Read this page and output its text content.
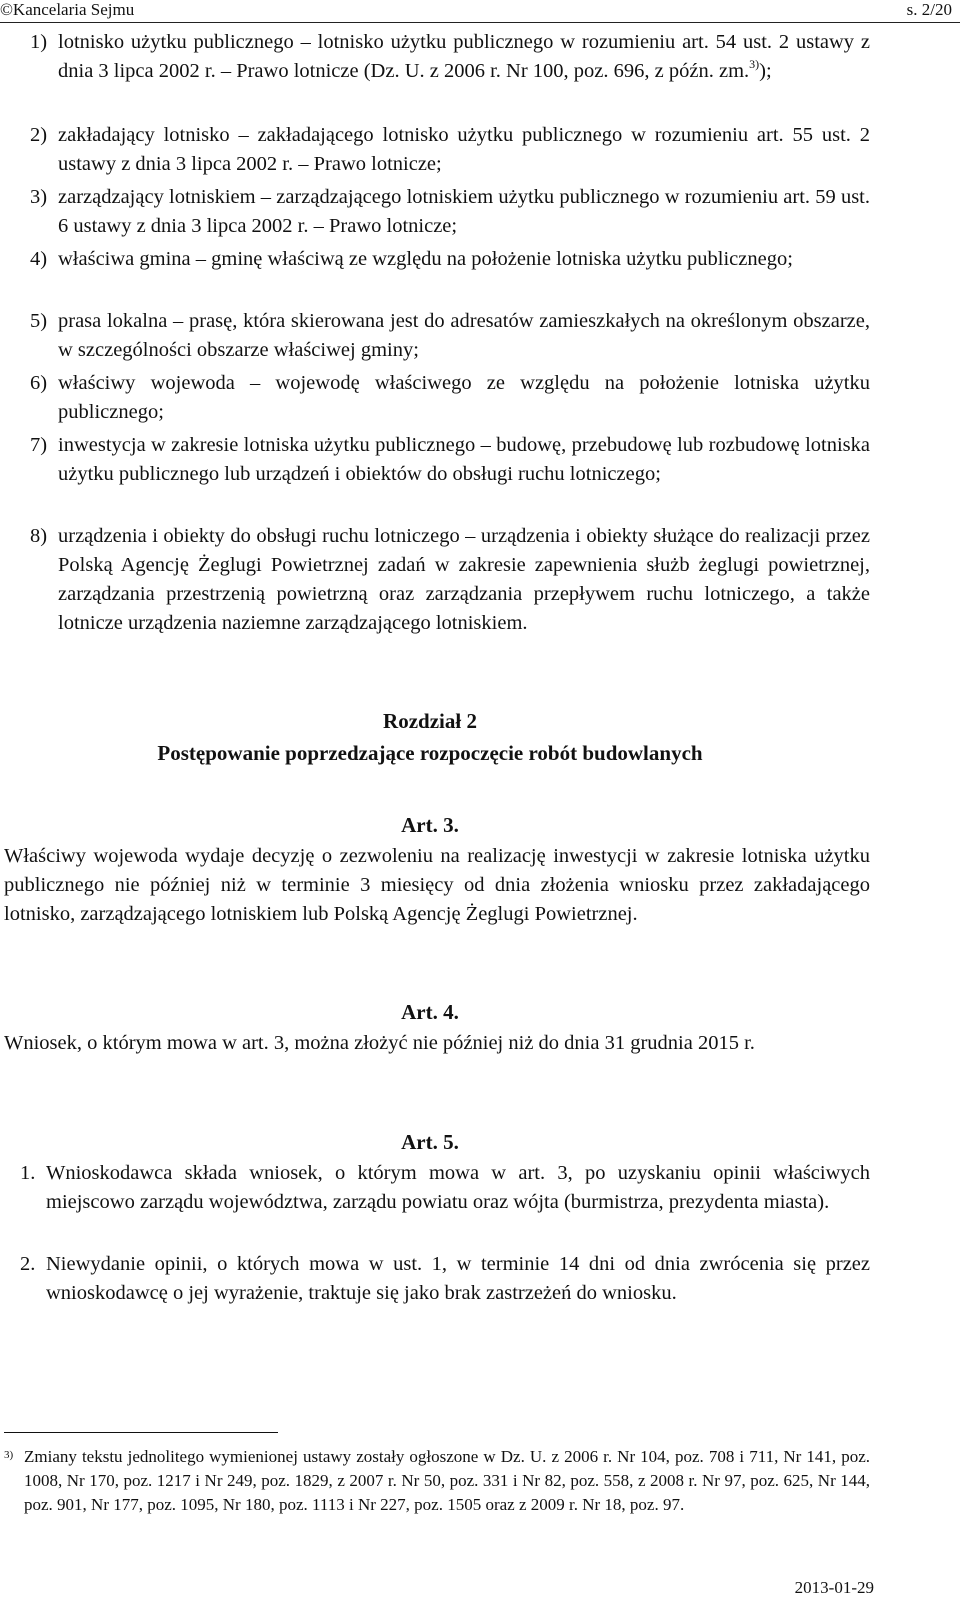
©Kancelaria Sejmu	s. 2/20
1) lotnisko użytku publicznego – lotnisko użytku publicznego w rozumieniu art. 54 ust. 2 ustawy z dnia 3 lipca 2002 r. – Prawo lotnicze (Dz. U. z 2006 r. Nr 100, poz. 696, z późn. zm.$^{3)}$);

2) zakładający lotnisko – zakładającego lotnisko użytku publicznego w rozumieniu art. 55 ust. 2 ustawy z dnia 3 lipca 2002 r. – Prawo lotnicze;

3) zarządzający lotniskiem – zarządzającego lotniskiem użytku publicznego w rozumieniu art. 59 ust. 6 ustawy z dnia 3 lipca 2002 r. – Prawo lotnicze;

4) właściwa gmina – gminę właściwą ze względu na położenie lotniska użytku publicznego;

5) prasa lokalna – prasę, która skierowana jest do adresatów zamieszkałych na określonym obszarze, w szczególności obszarze właściwej gminy;

6) właściwy wojewoda – wojewodę właściwego ze względu na położenie lotniska użytku publicznego;

7) inwestycja w zakresie lotniska użytku publicznego – budowę, przebudowę lub rozbudowę lotniska użytku publicznego lub urządzeń i obiektów do obsługi ruchu lotniczego;

8) urządzenia i obiekty do obsługi ruchu lotniczego – urządzenia i obiekty służące do realizacji przez Polską Agencję Żeglugi Powietrznej zadań w zakresie zapewnienia służb żeglugi powietrznej, zarządzania przestrzenią powietrzną oraz zarządzania przepływem ruchu lotniczego, a także lotnicze urządzenia naziemne zarządzającego lotniskiem.

Rozdział 2
Postępowanie poprzedzające rozpoczęcie robót budowlanych
Art. 3.

Właściwy wojewoda wydaje decyzję o zezwoleniu na realizację inwestycji w zakresie lotniska użytku publicznego nie później niż w terminie 3 miesięcy od dnia złożenia wniosku przez zakładającego lotnisko, zarządzającego lotniskiem lub Polską Agencję Żeglugi Powietrznej.

Art. 4.

Wniosek, o którym mowa w art. 3, można złożyć nie później niż do dnia 31 grudnia 2015 r.

Art. 5.
1. Wnioskodawca składa wniosek, o którym mowa w art. 3, po uzyskaniu opinii właściwych miejscowo zarządu województwa, zarządu powiatu oraz wójta (burmistrza, prezydenta miasta).

2. Niewydanie opinii, o których mowa w ust. 1, w terminie 14 dni od dnia zwrócenia się przez wnioskodawcę o jej wyrażenie, traktuje się jako brak zastrzeżeń do wniosku.

3) Zmiany tekstu jednolitego wymienionej ustawy zostały ogłoszone w Dz. U. z 2006 r. Nr 104, poz. 708 i 711, Nr 141, poz. 1008, Nr 170, poz. 1217 i Nr 249, poz. 1829, z 2007 r. Nr 50, poz. 331 i Nr 82, poz. 558, z 2008 r. Nr 97, poz. 625, Nr 144, poz. 901, Nr 177, poz. 1095, Nr 180, poz. 1113 i Nr 227, poz. 1505 oraz z 2009 r. Nr 18, poz. 97.

2013-01-29
